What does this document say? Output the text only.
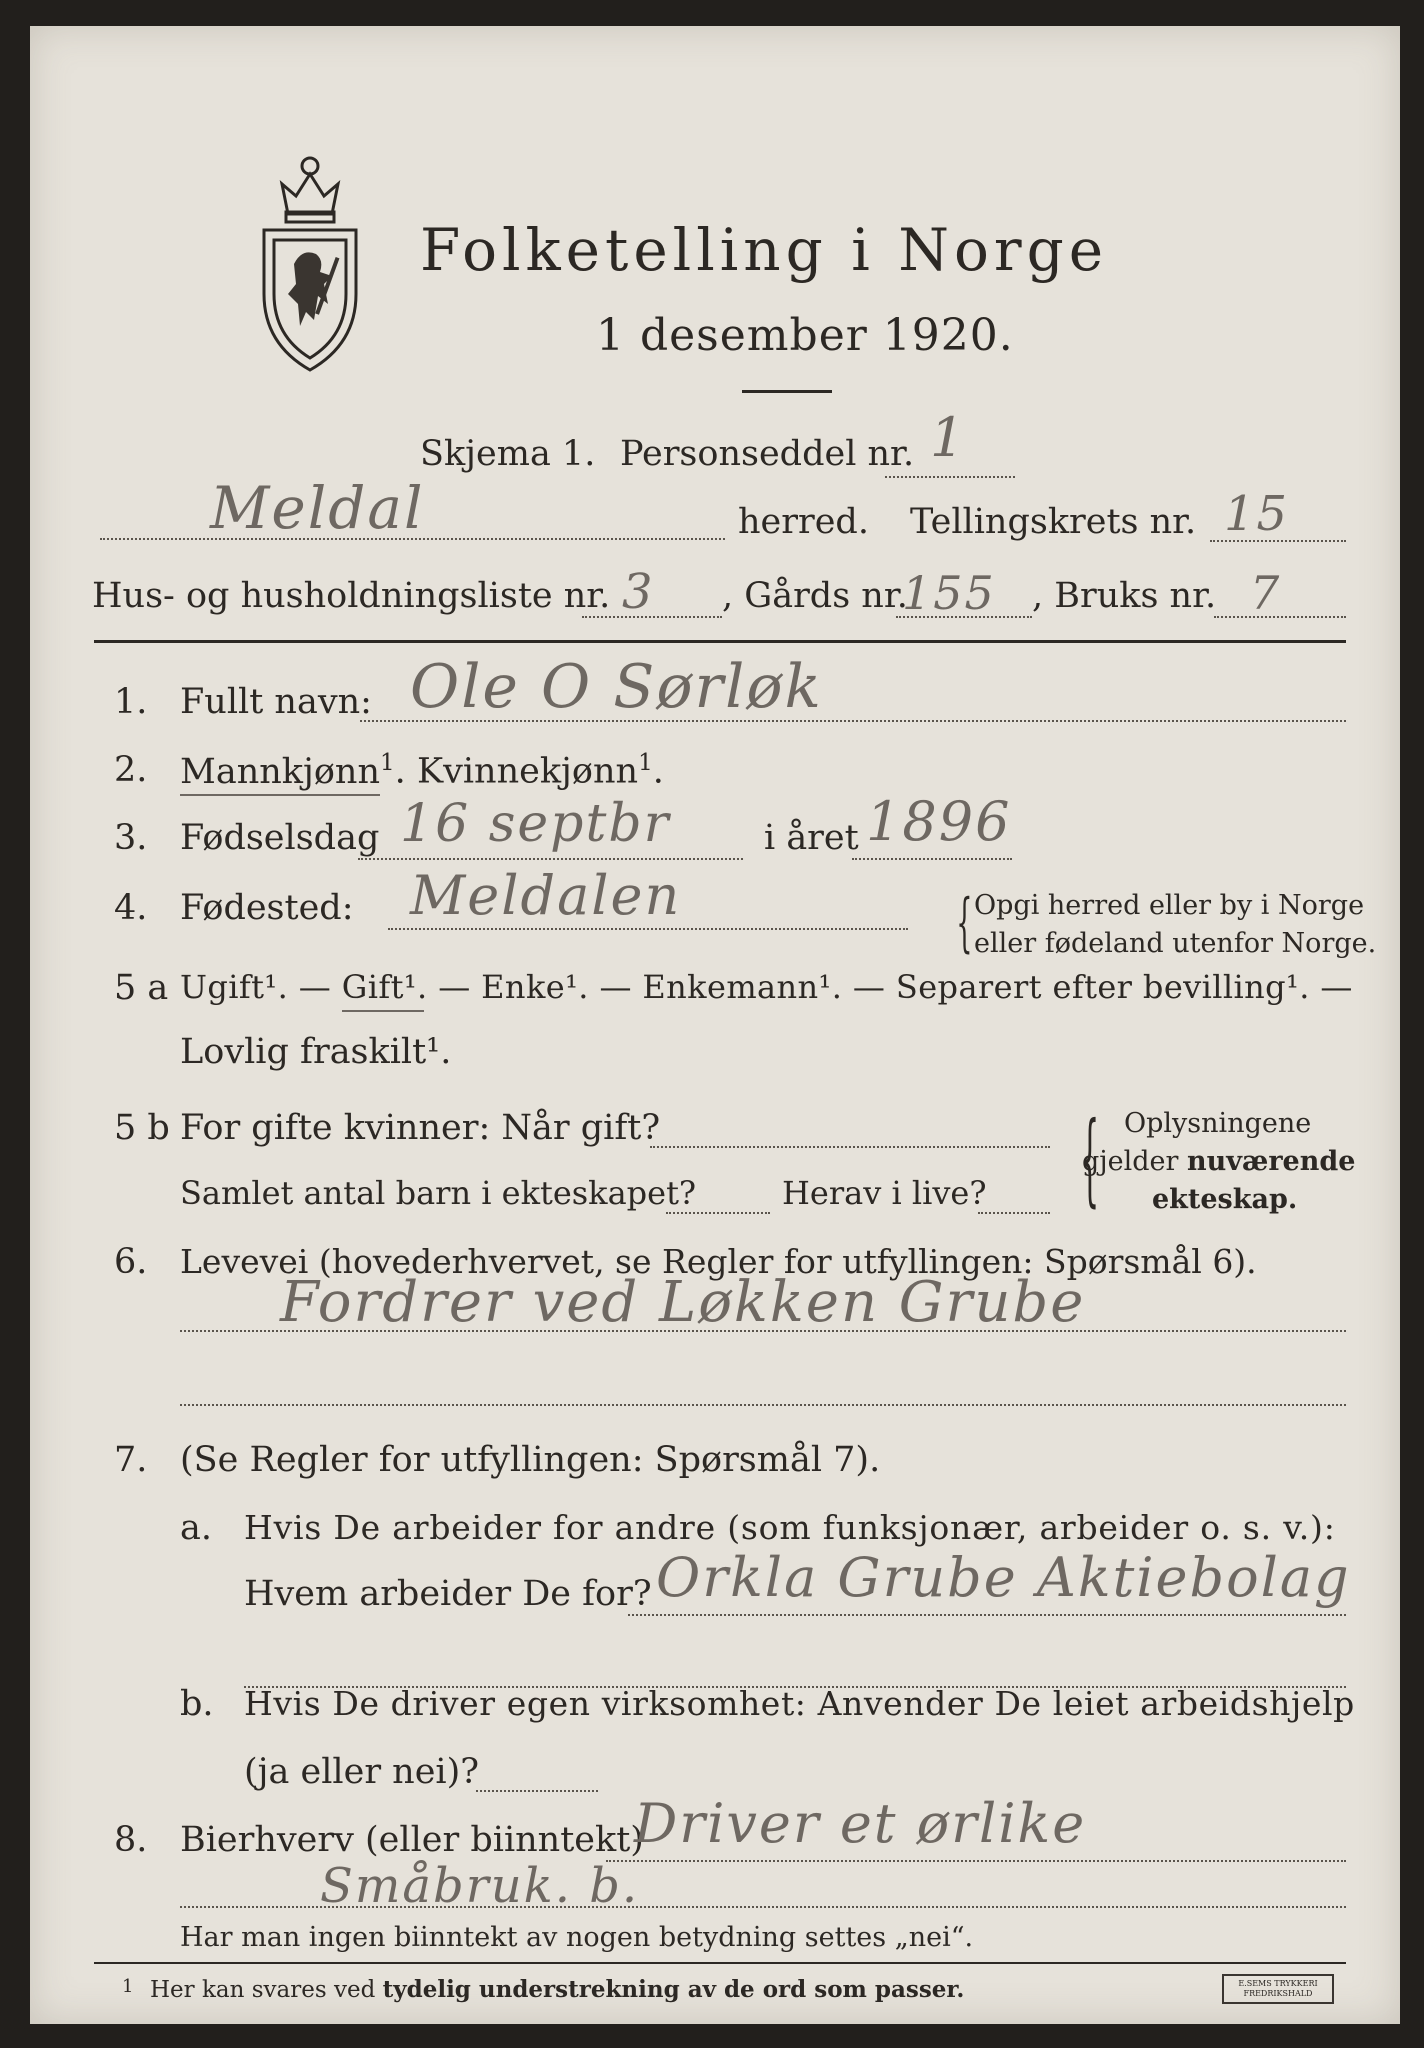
Folketelling i Norge
1 desember 1920.
Skjema 1. Personseddel nr. 1
Meldal	herred. Tellingskrets nr. 15
Hus- og husholdningsliste nr. 3 , Gårds nr.
155 , Bruks nr. 7
1. Fullt navn: Ole O Sørløk
2. Mannkjønn$^1$. Kvinnekjønn$^1$.
3. Fødselsdag 16 septbr	i året 1896
4. Fødested: Meldalen	Opgi herred eller by i Norge
eller fødeland utenfor Norge.
{
5 a Ugift¹. — Gift¹. — Enke¹. — Enkemann¹. — Separert efter bevilling¹. —
Lovlig fraskilt¹.
5 b For gifte kvinner: Når gift?
Samlet antal barn i ekteskapet?	Herav i live? { Oplysningene
gjelder nuværende
ekteskap.
6. Levevei (hovederhvervet, se Regler for utfyllingen: Spørsmål 6).
Fordrer ved Løkken Grube
7. (Se Regler for utfyllingen: Spørsmål 7).
a. Hvis De arbeider for andre (som funksjonær, arbeider o. s. v.):
Hvem arbeider De for? Orkla Grube Aktiebolag
b. Hvis De driver egen virksomhet: Anvender De leiet arbeidshjelp
(ja eller nei)?
8. Bierhverv (eller biinntekt)
Driver et ørlike
Småbruk. b.
Har man ingen biinntekt av nogen betydning settes „nei“.
1 Her kan svares ved tydelig understrekning av de ord som passer.	E.SEMS TRYKKERI
FREDRIKSHALD
